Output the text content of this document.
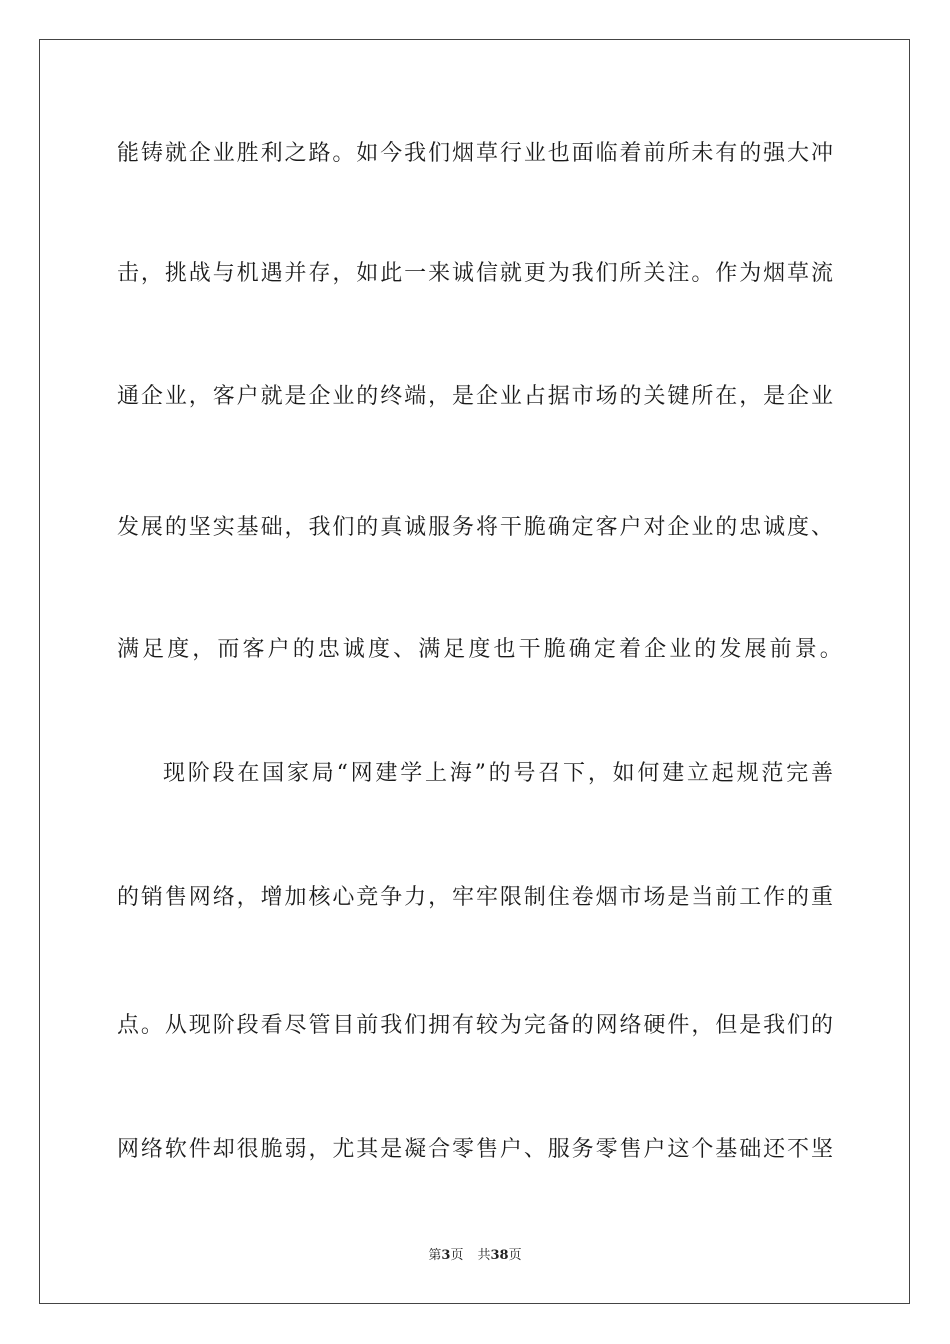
能铸就企业胜利之路。如今我们烟草行业也面临着前所未有的强大冲
击，挑战与机遇并存，如此一来诚信就更为我们所关注。作为烟草流
通企业，客户就是企业的终端，是企业占据市场的关键所在，是企业
发展的坚实基础，我们的真诚服务将干脆确定客户对企业的忠诚度、
满足度，而客户的忠诚度、满足度也干脆确定着企业的发展前景。
现阶段在国家局“网建学上海”的号召下，如何建立起规范完善
的销售网络，增加核心竞争力，牢牢限制住卷烟市场是当前工作的重
点。从现阶段看尽管目前我们拥有较为完备的网络硬件，但是我们的
网络软件却很脆弱，尤其是凝合零售户、服务零售户这个基础还不坚
第3页 共38页
